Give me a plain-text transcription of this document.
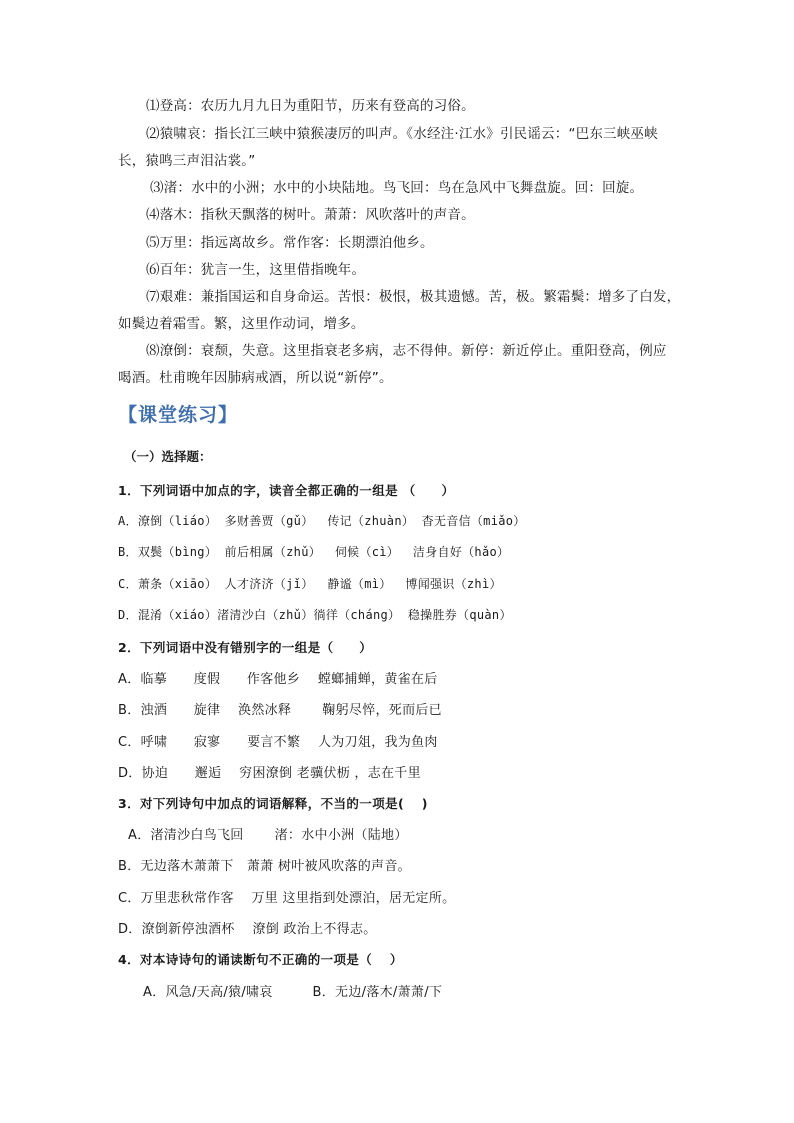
⑴登高：农历九月九日为重阳节，历来有登高的习俗。
⑵猿啸哀：指长江三峡中猿猴凄厉的叫声。《水经注·江水》引民谣云：“巴东三峡巫峡
长，猿鸣三声泪沾裳。”
⑶渚：水中的小洲；水中的小块陆地。鸟飞回：鸟在急风中飞舞盘旋。回：回旋。
⑷落木：指秋天飘落的树叶。萧萧：风吹落叶的声音。
⑸万里：指远离故乡。常作客：长期漂泊他乡。
⑹百年：犹言一生，这里借指晚年。
⑺艰难：兼指国运和自身命运。苦恨：极恨，极其遗憾。苦，极。繁霜鬓：增多了白发，
如鬓边着霜雪。繁，这里作动词，增多。
⑻潦倒：衰颓，失意。这里指衰老多病，志不得伸。新停：新近停止。重阳登高，例应
喝酒。杜甫晚年因肺病戒酒，所以说“新停”。
【课堂练习】
（一）选择题：
1．下列词语中加点的字，读音全都正确的一组是 （　　）
A．潦倒（liáo） 多财善贾（gǔ）　 传记（zhuàn） 杳无音信（miǎo）
B．双鬓（bìng） 前后相属（zhǔ）　 伺候（cì）　 洁身自好（hǎo）
C．萧条（xiāo） 人才济济（jǐ）　 静谧（mì）　 博闻强识（zhì）
D．混淆（xiáo）渚清沙白（zhǔ）徜徉（cháng） 稳操胜券（quàn）
2．下列词语中没有错别字的一组是（　　）
A．临摹　　度假　　作客他乡　 螳螂捕蝉，黄雀在后
B．浊酒　　旋律　 涣然冰释　　 鞠躬尽悴，死而后已
C．呼啸　　寂寥　　要言不繁　 人为刀俎，我为鱼肉
D．协迫　　邂逅　 穷困潦倒 老骥伏枥 ，志在千里
3．对下列诗句中加点的词语解释，不当的一项是(　 )
A．渚清沙白鸟飞回　　 渚：水中小洲（陆地）
B．无边落木萧萧下　萧萧 树叶被风吹落的声音。
C．万里悲秋常作客　 万里 这里指到处漂泊，居无定所。
D．潦倒新停浊酒杯　 潦倒 政治上不得志。
4．对本诗诗句的诵读断句不正确的一项是（　 ）
A．风急/天高/猿/啸哀　　　B．无边/落木/萧萧/下
